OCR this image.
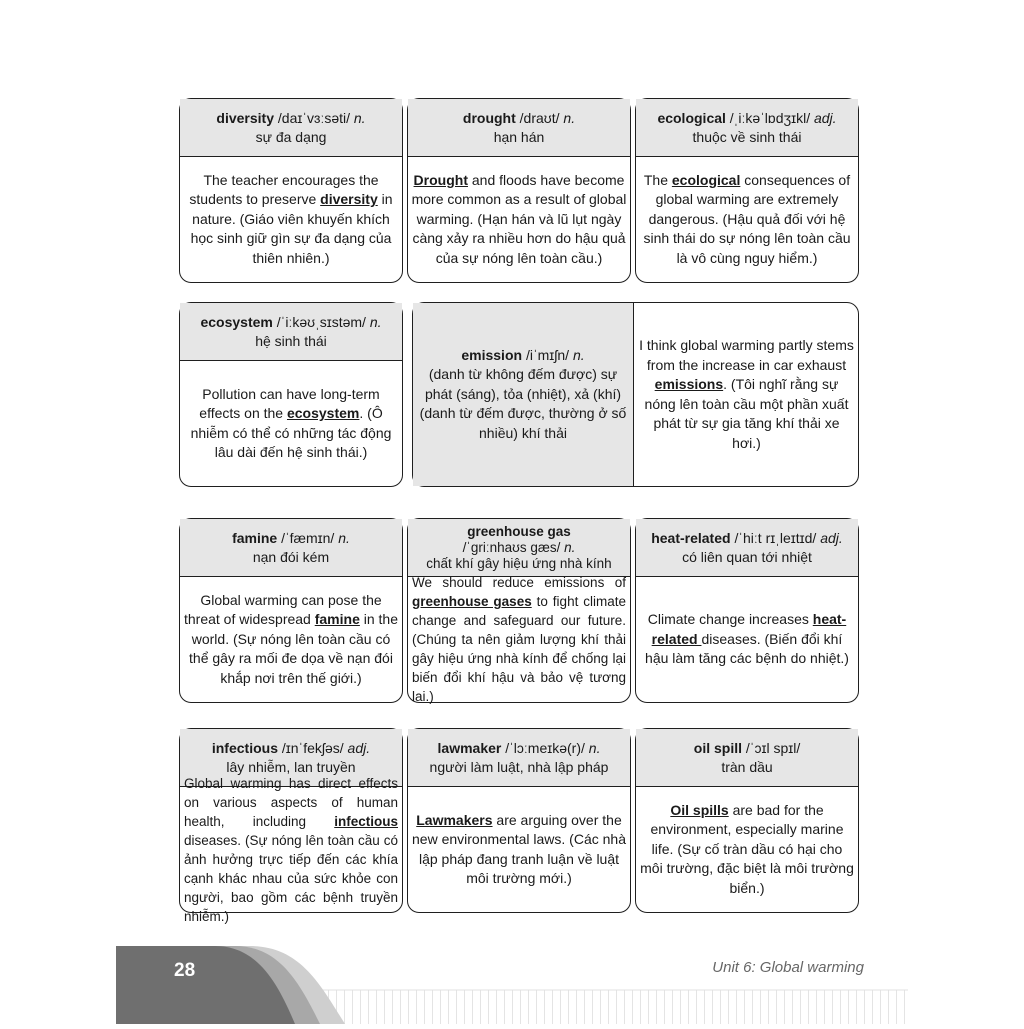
diversity /daɪˈvɜːsəti/ n.
sự đa dạng
The teacher encourages the students to preserve diversity in nature. (Giáo viên khuyến khích học sinh giữ gìn sự đa dạng của thiên nhiên.)
drought /draʊt/ n.
hạn hán
Drought and floods have become more common as a result of global warming. (Hạn hán và lũ lụt ngày càng xảy ra nhiều hơn do hậu quả của sự nóng lên toàn cầu.)
ecological /ˌiːkəˈlɒdʒɪkl/ adj.
thuộc về sinh thái
The ecological consequences of global warming are extremely dangerous. (Hậu quả đối với hệ sinh thái do sự nóng lên toàn cầu là vô cùng nguy hiểm.)
ecosystem /ˈiːkəʊˌsɪstəm/ n.
hệ sinh thái
Pollution can have long-term effects on the ecosystem. (Ô nhiễm có thể có những tác động lâu dài đến hệ sinh thái.)
emission /iˈmɪʃn/ n.
(danh từ không đếm được) sự phát (sáng), tỏa (nhiệt), xả (khí) (danh từ đếm được, thường ở số nhiều) khí thải
I think global warming partly stems from the increase in car exhaust emissions. (Tôi nghĩ rằng sự nóng lên toàn cầu một phần xuất phát từ sự gia tăng khí thải xe hơi.)
famine /ˈfæmɪn/ n.
nạn đói kém
Global warming can pose the threat of widespread famine in the world. (Sự nóng lên toàn cầu có thể gây ra mối đe dọa về nạn đói khắp nơi trên thế giới.)
greenhouse gas
/ˈɡriːnhaʊs ɡæs/ n.
chất khí gây hiệu ứng nhà kính
We should reduce emissions of greenhouse gases to fight climate change and safeguard our future. (Chúng ta nên giảm lượng khí thải gây hiệu ứng nhà kính để chống lại biến đổi khí hậu và bảo vệ tương lai.)
heat-related /ˈhiːt rɪˌleɪtɪd/ adj.
có liên quan tới nhiệt
Climate change increases heat-related diseases. (Biến đổi khí hậu làm tăng các bệnh do nhiệt.)
infectious /ɪnˈfekʃəs/ adj.
lây nhiễm, lan truyền
Global warming has direct effects on various aspects of human health, including infectious diseases. (Sự nóng lên toàn cầu có ảnh hưởng trực tiếp đến các khía cạnh khác nhau của sức khỏe con người, bao gồm các bệnh truyền nhiễm.)
lawmaker /ˈlɔːmeɪkə(r)/ n.
người làm luật, nhà lập pháp
Lawmakers are arguing over the new environmental laws. (Các nhà lập pháp đang tranh luận về luật môi trường mới.)
oil spill /ˈɔɪl spɪl/
tràn dầu
Oil spills are bad for the environment, especially marine life. (Sự cố tràn dầu có hại cho môi trường, đặc biệt là môi trường biển.)
28	Unit 6: Global warming
